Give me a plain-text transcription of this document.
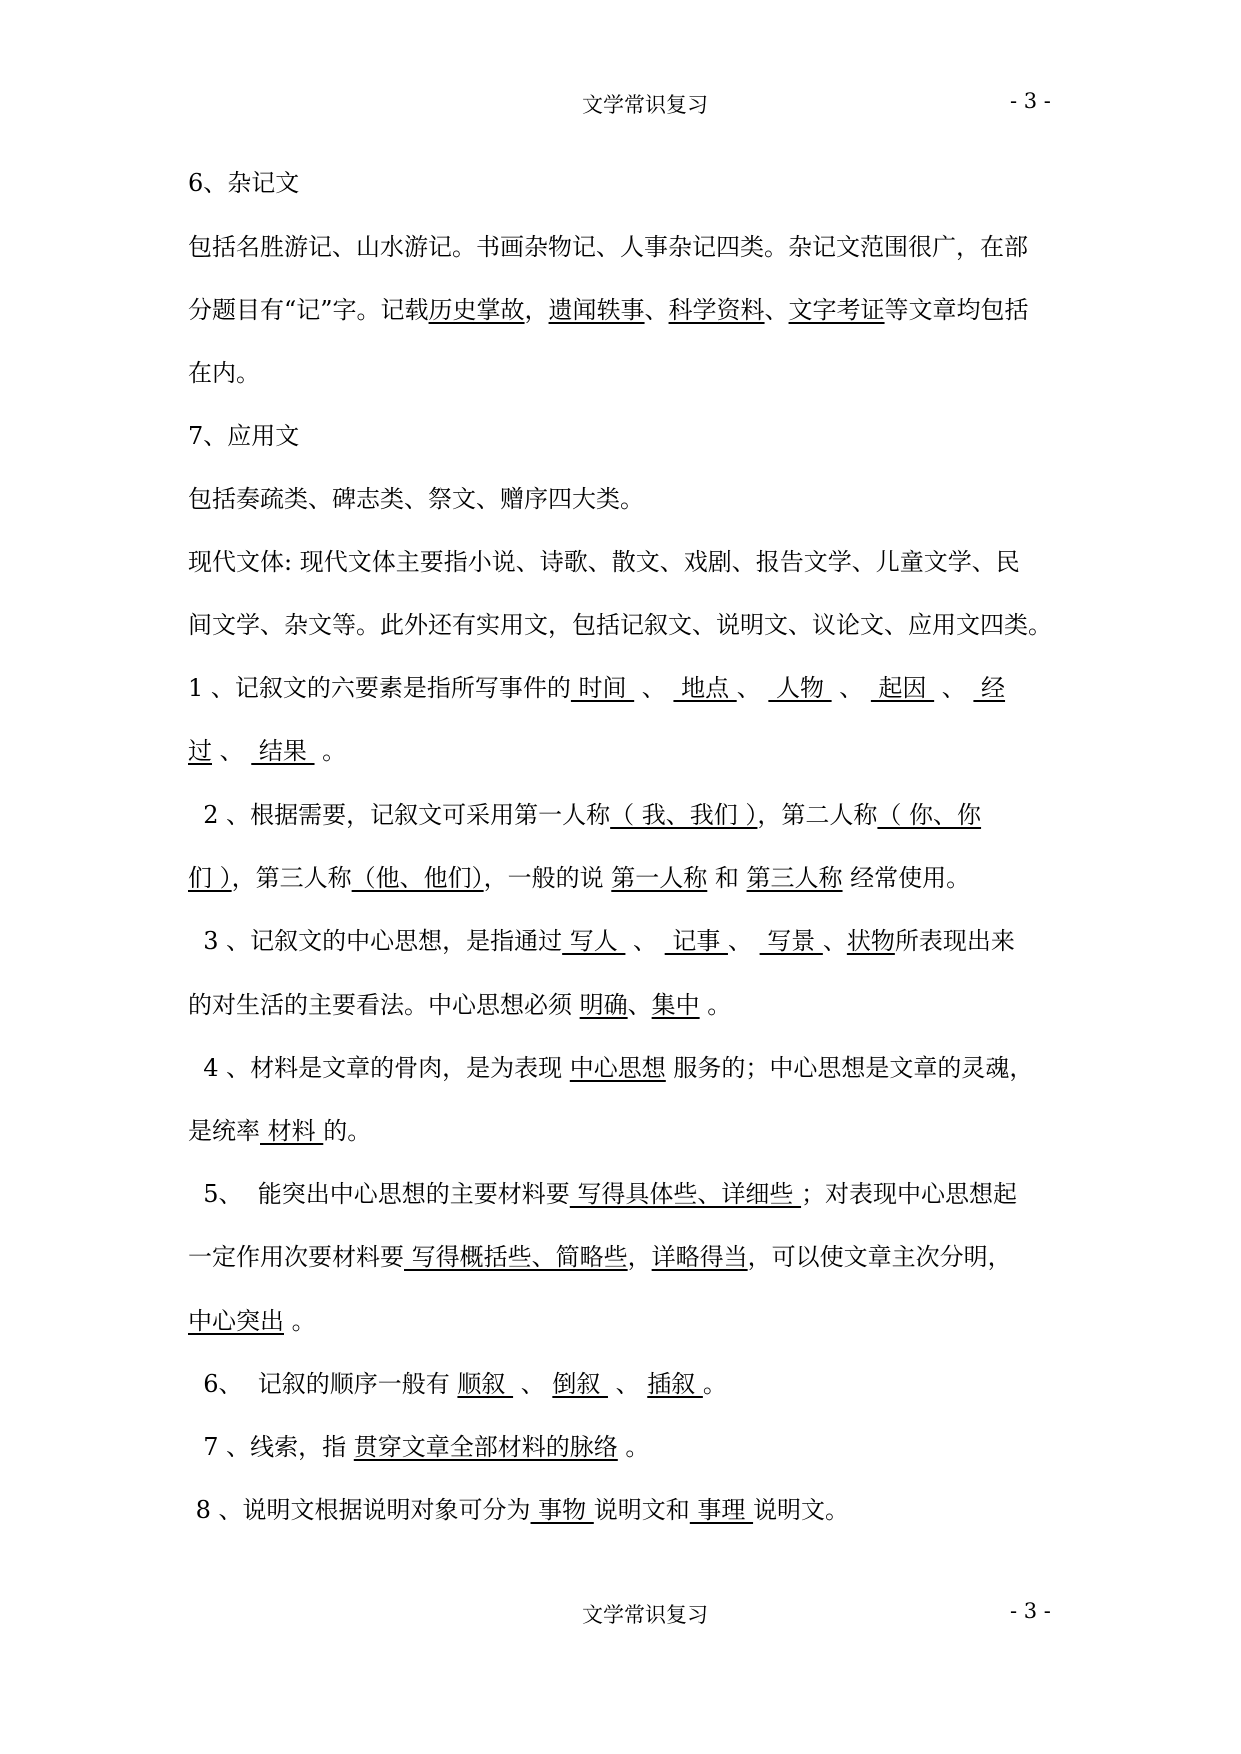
文学常识复习	- 3 -
6、杂记文
包括名胜游记、山水游记。书画杂物记、人事杂记四类。杂记文范围很广，在部
分题目有“记”字。记载历史掌故，遗闻轶事、科学资料、文字考证等文章均包括
在内。
7、应用文
包括奏疏类、碑志类、祭文、赠序四大类。
现代文体: 现代文体主要指小说、诗歌、散文、戏剧、报告文学、儿童文学、民
间文学、杂文等。此外还有实用文，包括记叙文、说明文、议论文、应用文四类。
1 、记叙文的六要素是指所写事件的 时间  、  地点 、  人物  、  起因  、  经
过 、  结果  。
2 、根据需要，记叙文可采用第一人称（ 我、我们 ），第二人称（ 你、你
们 ），第三人称（他、他们），一般的说 第一人称 和 第三人称 经常使用。
3 、记叙文的中心思想，是指通过 写人  、  记事 、  写景 、状物所表现出来
的对生活的主要看法。中心思想必须 明确、集中 。
4 、材料是文章的骨肉，是为表现 中心思想 服务的；中心思想是文章的灵魂，
是统率 材料 的。
5、  能突出中心思想的主要材料要 写得具体些、详细些 ；对表现中心思想起
一定作用次要材料要 写得概括些、简略些，详略得当，可以使文章主次分明，
中心突出 。
6、  记叙的顺序一般有 顺叙  、 倒叙  、 插叙 。
7 、线索，指 贯穿文章全部材料的脉络 。
8 、说明文根据说明对象可分为 事物 说明文和 事理 说明文。
文学常识复习	- 3 -
